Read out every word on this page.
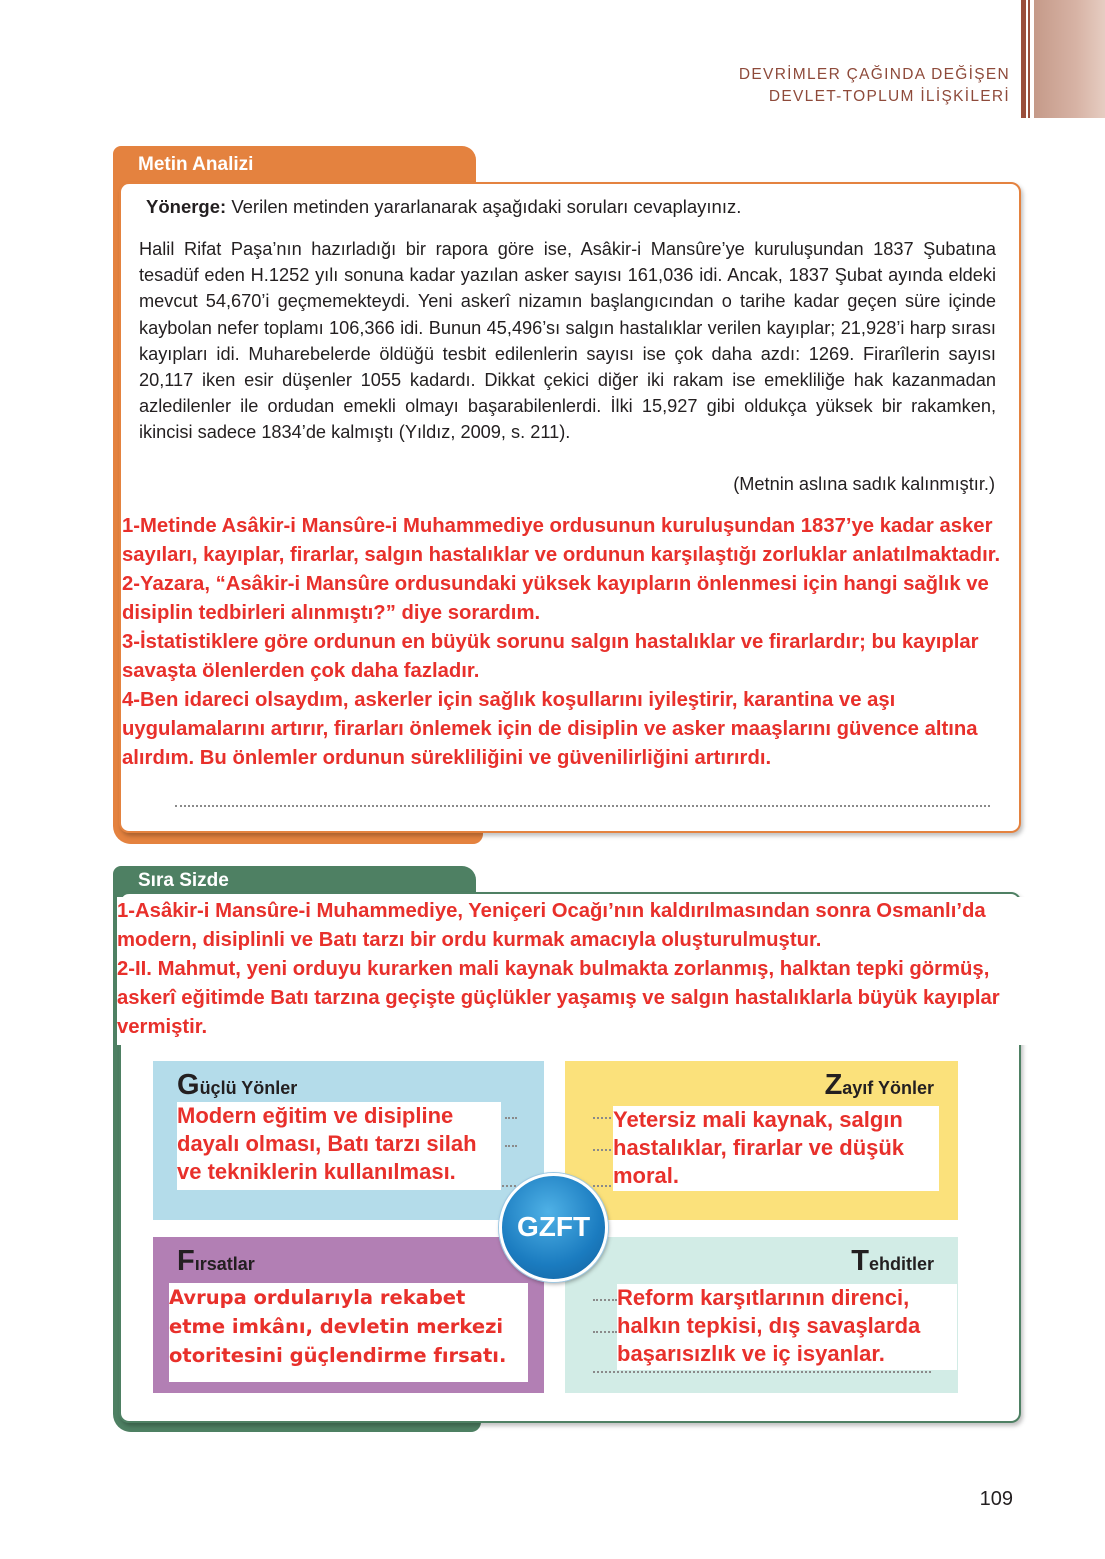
DEVRİMLER ÇAĞINDA DEĞİŞEN
DEVLET-TOPLUM İLİŞKİLERİ
Metin Analizi
Yönerge: Verilen metinden yararlanarak aşağıdaki soruları cevaplayınız.
Halil Rifat Paşa’nın hazırladığı bir rapora göre ise, Asâkir-i Mansûre’ye kuruluşundan 1837 Şubatına tesadüf eden H.1252 yılı sonuna kadar yazılan asker sayısı 161,036 idi. Ancak, 1837 Şubat ayında eldeki mevcut 54,670’i geçmemekteydi. Yeni askerî nizamın başlangıcından o tarihe kadar geçen süre içinde kaybolan nefer toplamı 106,366 idi. Bunun 45,496’sı salgın hastalıklar verilen kayıplar; 21,928’i harp sırası kayıpları idi. Muharebelerde öldüğü tesbit edilenlerin sayısı ise çok daha azdı: 1269. Firarîlerin sayısı 20,117 iken esir düşenler 1055 kadardı. Dikkat çekici diğer iki rakam ise emekliliğe hak kazanmadan azledilenler ile ordudan emekli olmayı başarabilenlerdi. İlki 15,927 gibi oldukça yüksek bir rakamken, ikincisi sadece 1834’de kalmıştı (Yıldız, 2009, s. 211).
(Metnin aslına sadık kalınmıştır.)

1-Metinde Asâkir-i Mansûre-i Muhammediye ordusunun kuruluşundan 1837’ye kadar asker sayıları, kayıplar, firarlar, salgın hastalıklar ve ordunun karşılaştığı zorluklar anlatılmaktadır.

2-Yazara, “Asâkir-i Mansûre ordusundaki yüksek kayıpların önlenmesi için hangi sağlık ve disiplin tedbirleri alınmıştı?” diye sorardım.

3-İstatistiklere göre ordunun en büyük sorunu salgın hastalıklar ve firarlardır; bu kayıplar savaşta ölenlerden çok daha fazladır.

4-Ben idareci olsaydım, askerler için sağlık koşullarını iyileştirir, karantina ve aşı uygulamalarını artırır, firarları önlemek için de disiplin ve asker maaşlarını güvence altına alırdım. Bu önlemler ordunun sürekliliğini ve güvenilirliğini artırırdı.

Sıra Sizde

1-Asâkir-i Mansûre-i Muhammediye, Yeniçeri Ocağı’nın kaldırılmasından sonra Osmanlı’da modern, disiplinli ve Batı tarzı bir ordu kurmak amacıyla oluşturulmuştur.

2-II. Mahmut, yeni orduyu kurarken mali kaynak bulmakta zorlanmış, halktan tepki görmüş, askerî eğitimde Batı tarzına geçişte güçlükler yaşamış ve salgın hastalıklarla büyük kayıplar vermiştir.

Güçlü Yönler
Modern eğitim ve disipline dayalı olması, Batı tarzı silah ve tekniklerin kullanılması.
Zayıf Yönler
Yetersiz mali kaynak, salgın hastalıklar, firarlar ve düşük moral.
Fırsatlar
Avrupa ordularıyla rekabet etme imkânı, devletin merkezi otoritesini güçlendirme fırsatı.
Tehditler
Reform karşıtlarının direnci, halkın tepkisi, dış savaşlarda başarısızlık ve iç isyanlar.
GZFT
109
